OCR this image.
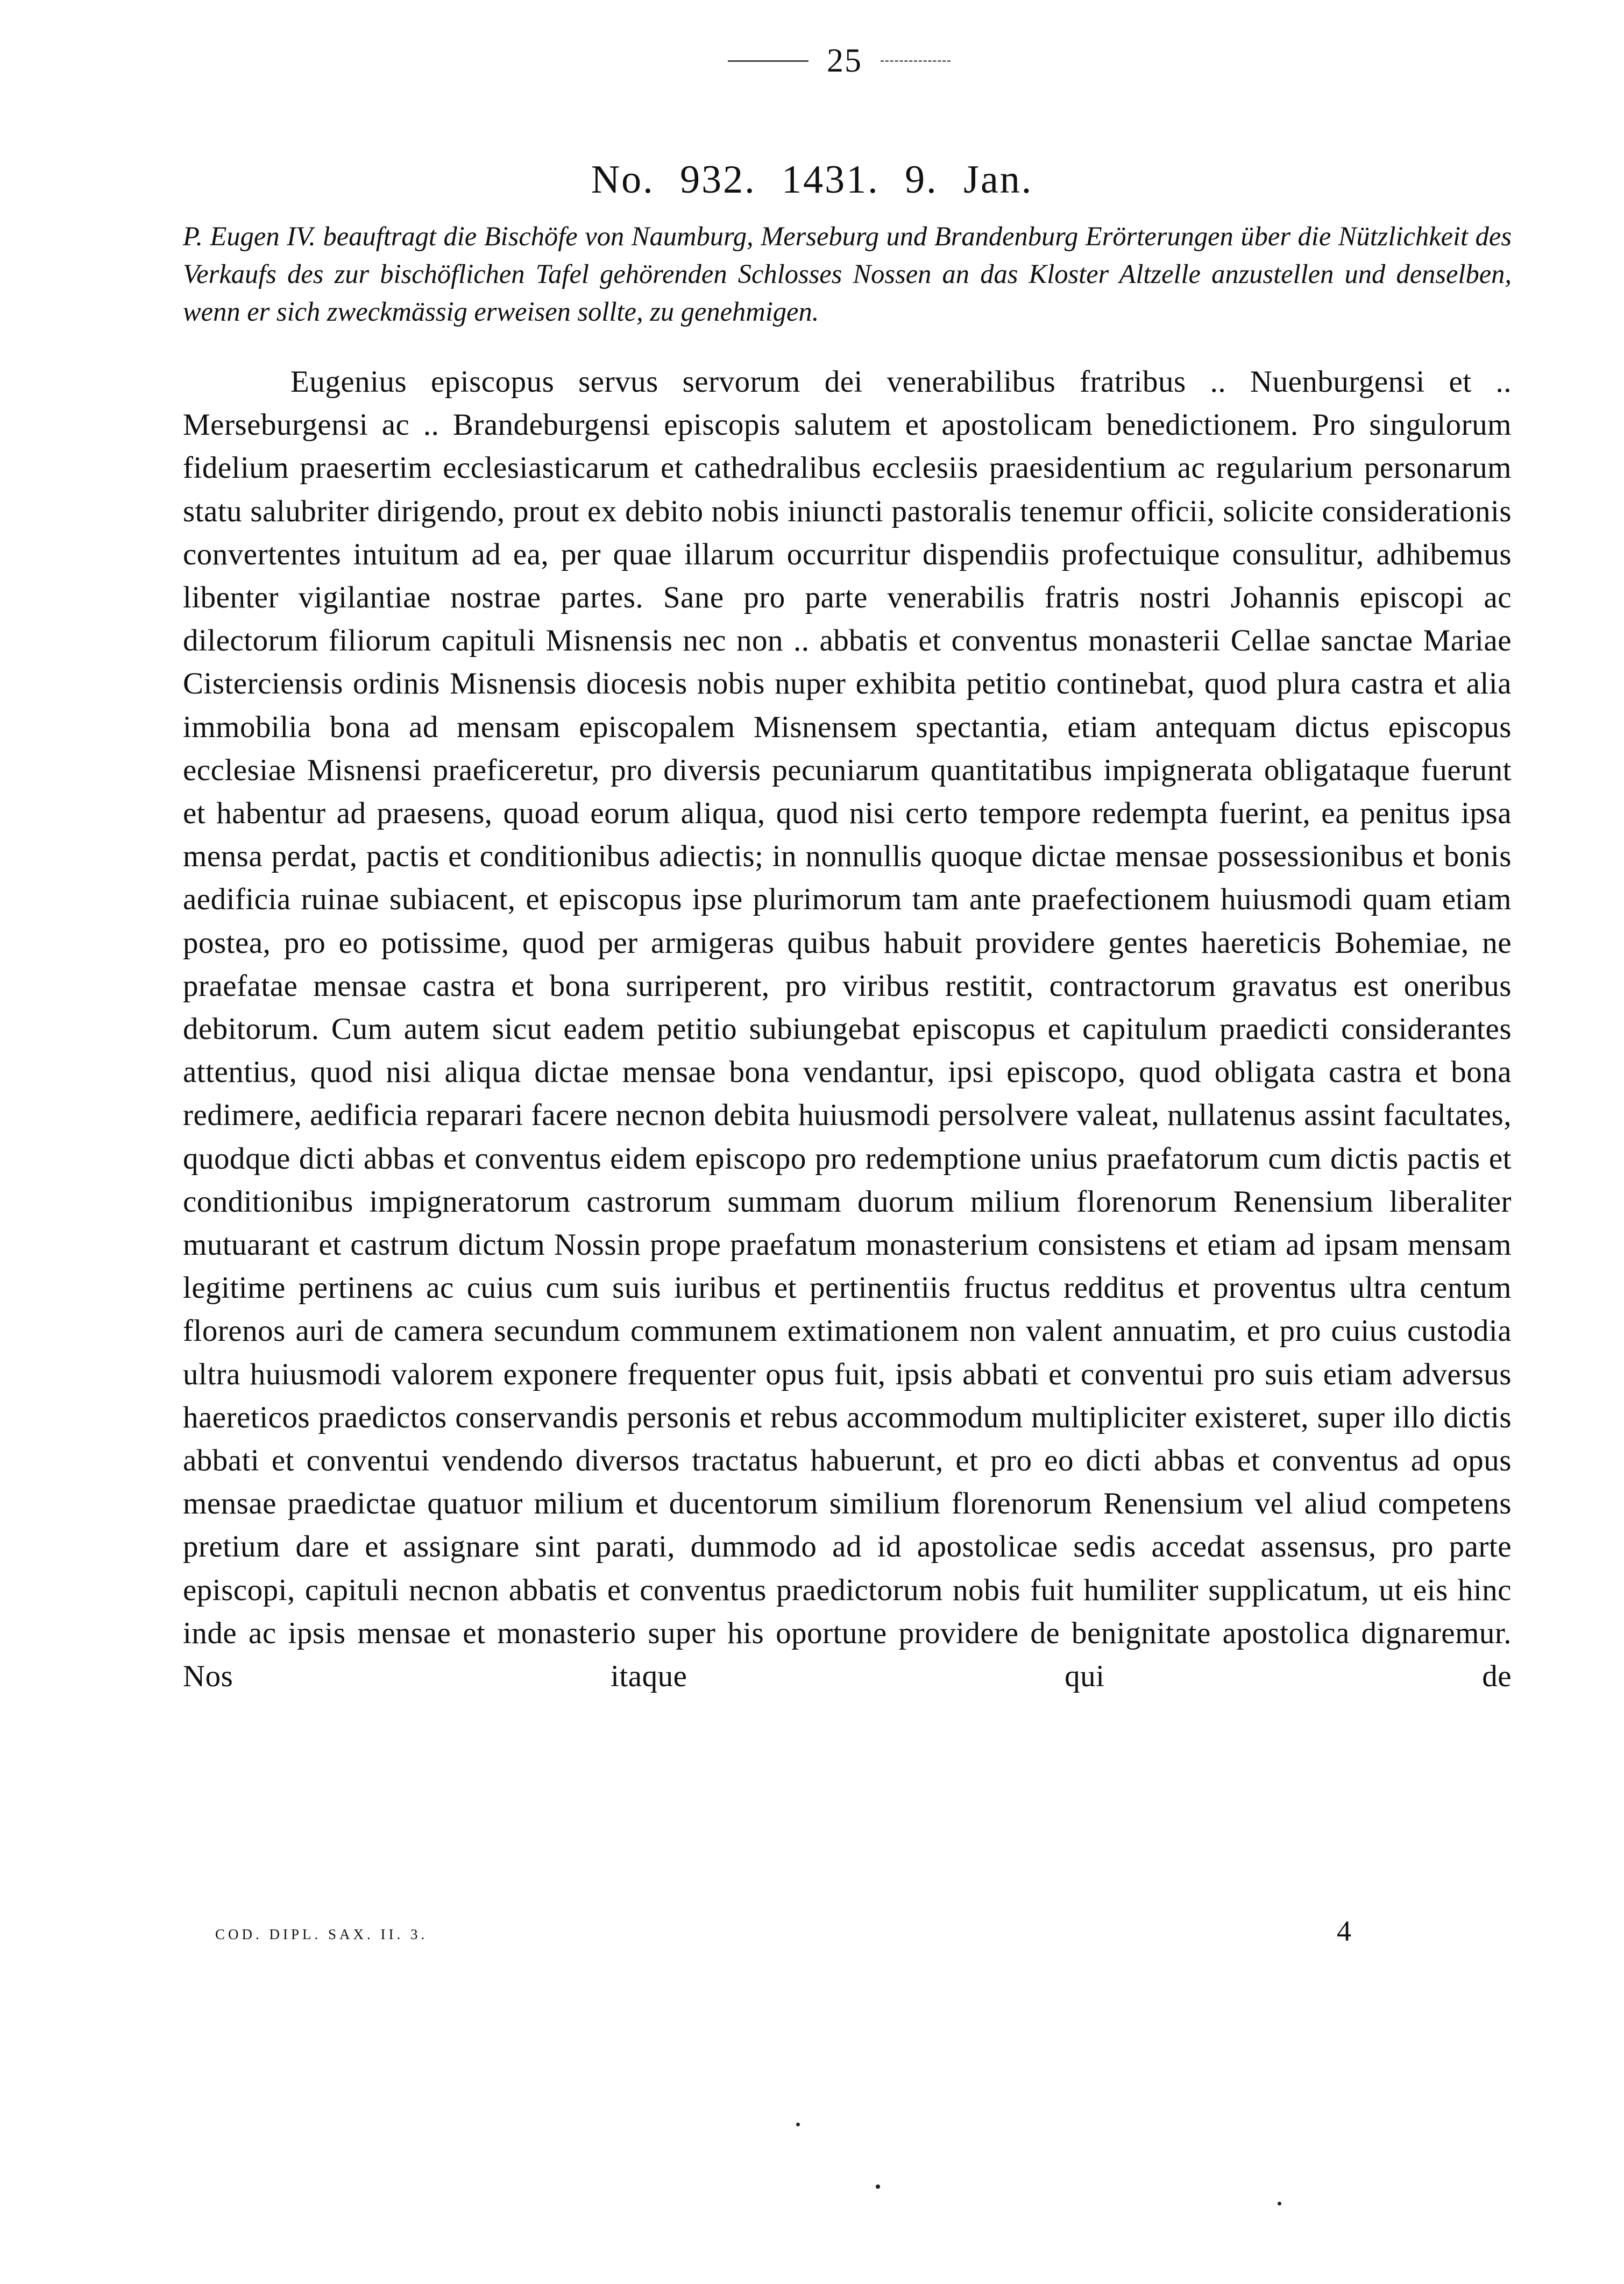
25
No. 932. 1431. 9. Jan.
P. Eugen IV. beauftragt die Bischöfe von Naumburg, Merseburg und Brandenburg Erörterungen über die Nützlichkeit des Verkaufs des zur bischöflichen Tafel gehörenden Schlosses Nossen an das Kloster Altzelle anzustellen und denselben, wenn er sich zweckmässig erweisen sollte, zu genehmigen.

Eugenius episcopus servus servorum dei venerabilibus fratribus .. Nuenburgensi et .. Merseburgensi ac .. Brandeburgensi episcopis salutem et apostolicam benedictionem. Pro singulorum fidelium praesertim ecclesiasticarum et cathedralibus ecclesiis praesidentium ac regularium personarum statu salubriter dirigendo, prout ex debito nobis iniuncti pastoralis tenemur officii, solicite considerationis convertentes intuitum ad ea, per quae illarum occurritur dispendiis profectuique consulitur, adhibemus libenter vigilantiae nostrae partes. Sane pro parte venerabilis fratris nostri Johannis episcopi ac dilectorum filiorum capituli Misnensis nec non .. abbatis et conventus monasterii Cellae sanctae Mariae Cisterciensis ordinis Misnensis diocesis nobis nuper exhibita petitio continebat, quod plura castra et alia immobilia bona ad mensam episcopalem Misnensem spectantia, etiam antequam dictus episcopus ecclesiae Misnensi praeficeretur, pro diversis pecuniarum quantitatibus impignerata obligataque fuerunt et habentur ad praesens, quoad eorum aliqua, quod nisi certo tempore redempta fuerint, ea penitus ipsa mensa perdat, pactis et conditionibus adiectis; in nonnullis quoque dictae mensae possessionibus et bonis aedificia ruinae subiacent, et episcopus ipse plurimorum tam ante praefectionem huiusmodi quam etiam postea, pro eo potissime, quod per armigeras quibus habuit providere gentes haereticis Bohemiae, ne praefatae mensae castra et bona surriperent, pro viribus restitit, contractorum gravatus est oneribus debitorum. Cum autem sicut eadem petitio subiungebat episcopus et capitulum praedicti considerantes attentius, quod nisi aliqua dictae mensae bona vendantur, ipsi episcopo, quod obligata castra et bona redimere, aedificia reparari facere necnon debita huiusmodi persolvere valeat, nullatenus assint facultates, quodque dicti abbas et conventus eidem episcopo pro redemptione unius praefatorum cum dictis pactis et conditionibus impigneratorum castrorum summam duorum milium florenorum Renensium liberaliter mutuarant et castrum dictum Nossin prope praefatum monasterium consistens et etiam ad ipsam mensam legitime pertinens ac cuius cum suis iuribus et pertinentiis fructus redditus et proventus ultra centum florenos auri de camera secundum communem extimationem non valent annuatim, et pro cuius custodia ultra huiusmodi valorem exponere frequenter opus fuit, ipsis abbati et conventui pro suis etiam adversus haereticos praedictos conservandis personis et rebus accommodum multipliciter existeret, super illo dictis abbati et conventui vendendo diversos tractatus habuerunt, et pro eo dicti abbas et conventus ad opus mensae praedictae quatuor milium et ducentorum similium florenorum Renensium vel aliud competens pretium dare et assignare sint parati, dummodo ad id apostolicae sedis accedat assensus, pro parte episcopi, capituli necnon abbatis et conventus praedictorum nobis fuit humiliter supplicatum, ut eis hinc inde ac ipsis mensae et monasterio super his oportune providere de benignitate apostolica dignaremur. Nos itaque qui de

COD. DIPL. SAX. II. 3.	4
